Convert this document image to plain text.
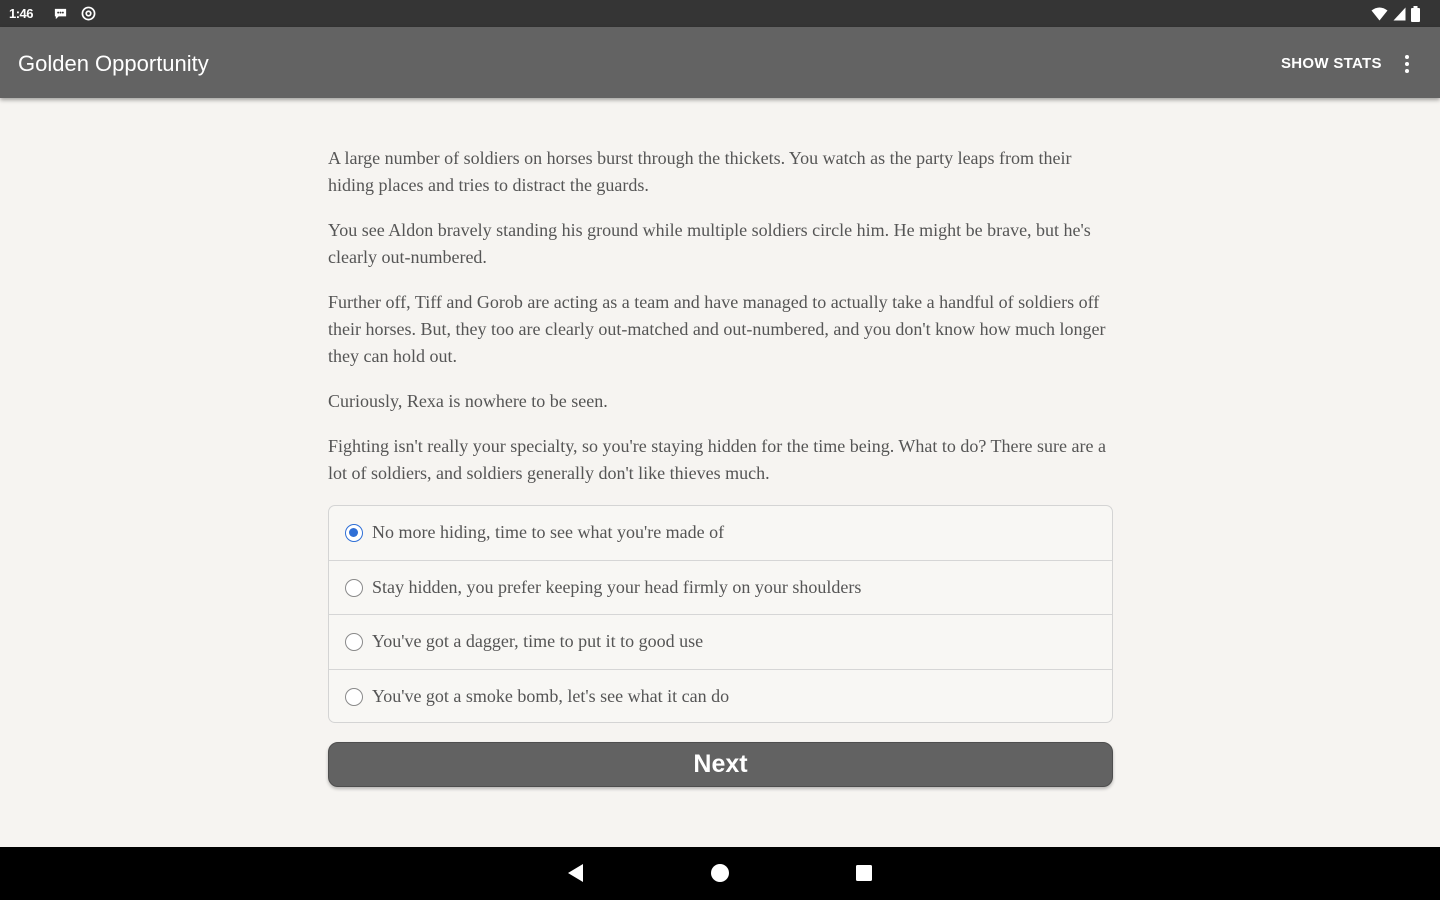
1:46
Golden Opportunity	SHOW STATS

A large number of soldiers on horses burst through the thickets. You watch as the party leaps from their hiding places and tries to distract the guards.

You see Aldon bravely standing his ground while multiple soldiers circle him. He might be brave, but he's clearly out-numbered.

Further off, Tiff and Gorob are acting as a team and have managed to actually take a handful of soldiers off their horses. But, they too are clearly out-matched and out-numbered, and you don't know how much longer they can hold out.

Curiously, Rexa is nowhere to be seen.

Fighting isn't really your specialty, so you're staying hidden for the time being. What to do? There sure are a lot of soldiers, and soldiers generally don't like thieves much.

No more hiding, time to see what you're made of
Stay hidden, you prefer keeping your head firmly on your shoulders
You've got a dagger, time to put it to good use
You've got a smoke bomb, let's see what it can do
Next
